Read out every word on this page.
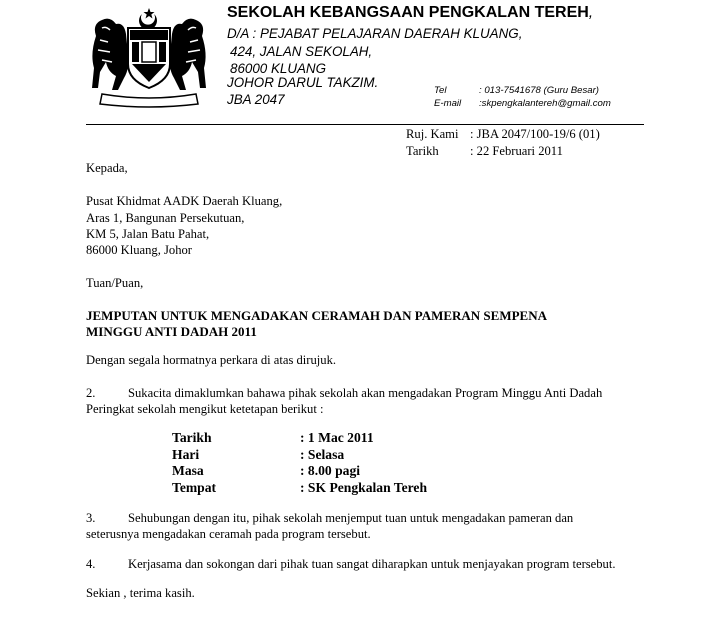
SEKOLAH KEBANGSAAN PENGKALAN TEREH,
D/A : PEJABAT PELAJARAN DAERAH KLUANG,
424, JALAN SEKOLAH,
86000 KLUANG
JOHOR DARUL TAKZIM.
JBA 2047
Tel	: 013-7541678 (Guru Besar)
E-mail :skpengkalantereh@gmail.com
Ruj. Kami : JBA 2047/100-19/6 (01)
Tarikh : 22 Februari 2011
Kepada,
Pusat Khidmat AADK Daerah Kluang,
Aras 1, Bangunan Persekutuan,
KM 5, Jalan Batu Pahat,
86000 Kluang, Johor
Tuan/Puan,
JEMPUTAN UNTUK MENGADAKAN CERAMAH DAN PAMERAN SEMPENA
MINGGU ANTI DADAH 2011
Dengan segala hormatnya perkara di atas dirujuk.
2.	Sukacita dimaklumkan bahawa pihak sekolah akan mengadakan Program Minggu Anti Dadah
Peringkat sekolah mengikut ketetapan berikut :
Tarikh	: 1 Mac 2011
Hari	: Selasa
Masa	: 8.00 pagi
Tempat	: SK Pengkalan Tereh
3.	Sehubungan dengan itu, pihak sekolah menjemput tuan untuk mengadakan pameran dan
seterusnya mengadakan ceramah pada program tersebut.
4.	Kerjasama dan sokongan dari pihak tuan sangat diharapkan untuk menjayakan program tersebut.
Sekian , terima kasih.
